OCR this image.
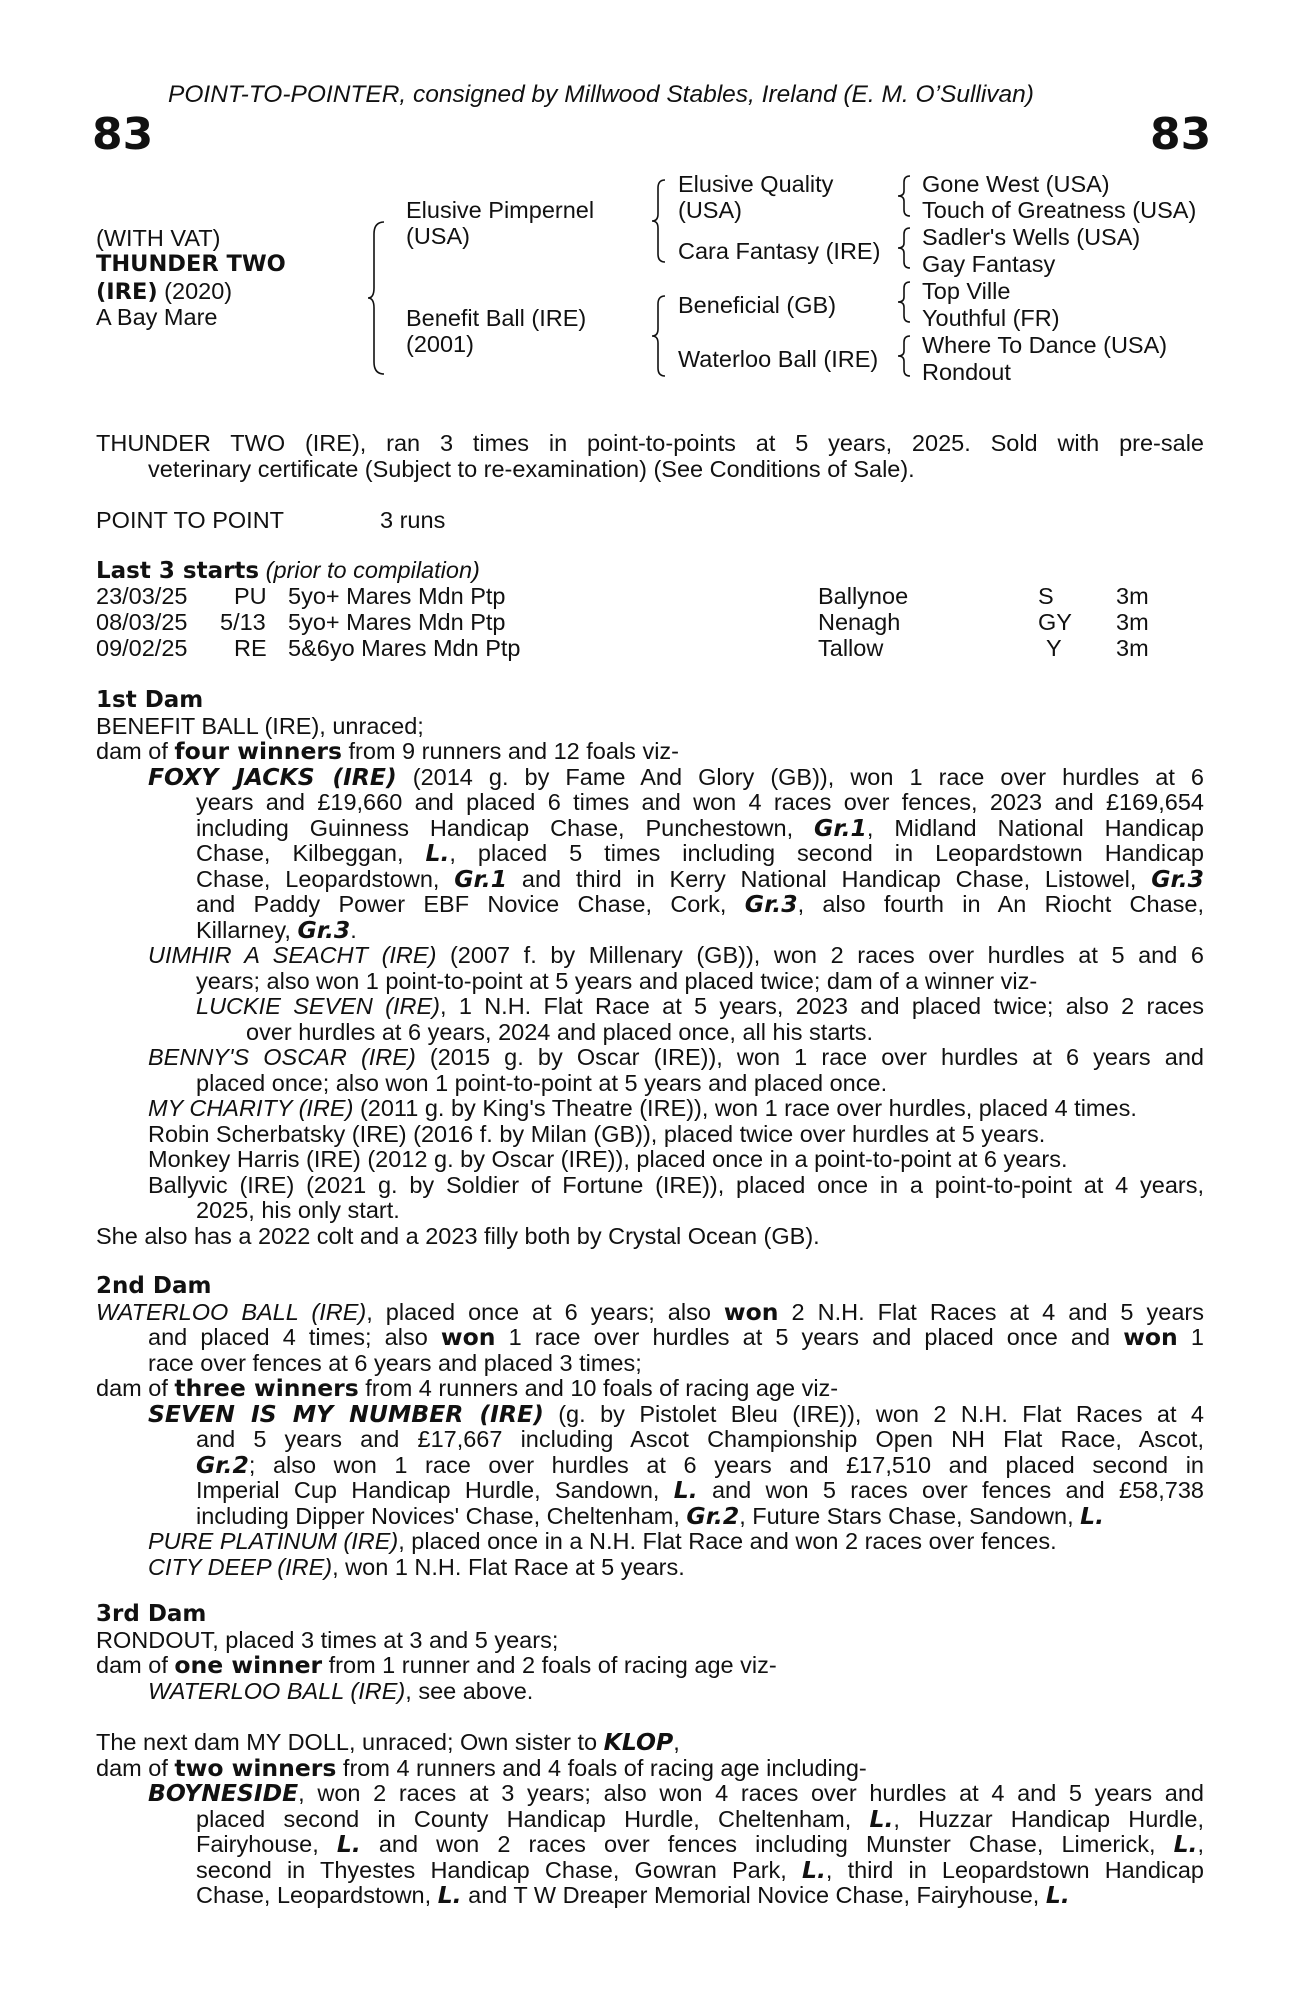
POINT-TO-POINTER, consigned by Millwood Stables, Ireland (E. M. O’Sullivan)
83	83
(WITH VAT)
THUNDER TWO
(IRE) (2020)
A Bay Mare
Elusive Pimpernel
(USA)
Benefit Ball (IRE)
(2001)
Elusive Quality
(USA)
Cara Fantasy (IRE)
Beneficial (GB)
Waterloo Ball (IRE)
Gone West (USA)
Touch of Greatness (USA)
Sadler's Wells (USA)
Gay Fantasy
Top Ville
Youthful (FR)
Where To Dance (USA)
Rondout
THUNDER TWO (IRE), ran 3 times in point-to-points at 5 years, 2025. Sold with pre-sale
veterinary certificate (Subject to re-examination) (See Conditions of Sale).
POINT TO POINT	3 runs
Last 3 starts (prior to compilation)
23/03/25 PU 5yo+ Mares Mdn Ptp	Ballynoe	S	3m
08/03/25 5/13 5yo+ Mares Mdn Ptp	Nenagh	GY 3m
09/02/25 RE 5&6yo Mares Mdn Ptp	Tallow	Y 3m
1st Dam
BENEFIT BALL (IRE), unraced;
dam of four winners from 9 runners and 12 foals viz-
FOXY JACKS (IRE) (2014 g. by Fame And Glory (GB)), won 1 race over hurdles at 6
years and £19,660 and placed 6 times and won 4 races over fences, 2023 and £169,654
including Guinness Handicap Chase, Punchestown, Gr.1, Midland National Handicap
Chase, Kilbeggan, L., placed 5 times including second in Leopardstown Handicap
Chase, Leopardstown, Gr.1 and third in Kerry National Handicap Chase, Listowel, Gr.3
and Paddy Power EBF Novice Chase, Cork, Gr.3, also fourth in An Riocht Chase,
Killarney, Gr.3.
UIMHIR A SEACHT (IRE) (2007 f. by Millenary (GB)), won 2 races over hurdles at 5 and 6
years; also won 1 point-to-point at 5 years and placed twice; dam of a winner viz-
LUCKIE SEVEN (IRE), 1 N.H. Flat Race at 5 years, 2023 and placed twice; also 2 races
over hurdles at 6 years, 2024 and placed once, all his starts.
BENNY'S OSCAR (IRE) (2015 g. by Oscar (IRE)), won 1 race over hurdles at 6 years and
placed once; also won 1 point-to-point at 5 years and placed once.
MY CHARITY (IRE) (2011 g. by King's Theatre (IRE)), won 1 race over hurdles, placed 4 times.
Robin Scherbatsky (IRE) (2016 f. by Milan (GB)), placed twice over hurdles at 5 years.
Monkey Harris (IRE) (2012 g. by Oscar (IRE)), placed once in a point-to-point at 6 years.
Ballyvic (IRE) (2021 g. by Soldier of Fortune (IRE)), placed once in a point-to-point at 4 years,
2025, his only start.
She also has a 2022 colt and a 2023 filly both by Crystal Ocean (GB).
2nd Dam
WATERLOO BALL (IRE), placed once at 6 years; also won 2 N.H. Flat Races at 4 and 5 years
and placed 4 times; also won 1 race over hurdles at 5 years and placed once and won 1
race over fences at 6 years and placed 3 times;
dam of three winners from 4 runners and 10 foals of racing age viz-
SEVEN IS MY NUMBER (IRE) (g. by Pistolet Bleu (IRE)), won 2 N.H. Flat Races at 4
and 5 years and £17,667 including Ascot Championship Open NH Flat Race, Ascot,
Gr.2; also won 1 race over hurdles at 6 years and £17,510 and placed second in
Imperial Cup Handicap Hurdle, Sandown, L. and won 5 races over fences and £58,738
including Dipper Novices' Chase, Cheltenham, Gr.2, Future Stars Chase, Sandown, L.
PURE PLATINUM (IRE), placed once in a N.H. Flat Race and won 2 races over fences.
CITY DEEP (IRE), won 1 N.H. Flat Race at 5 years.
3rd Dam
RONDOUT, placed 3 times at 3 and 5 years;
dam of one winner from 1 runner and 2 foals of racing age viz-
WATERLOO BALL (IRE), see above.
The next dam MY DOLL, unraced; Own sister to KLOP,
dam of two winners from 4 runners and 4 foals of racing age including-
BOYNESIDE, won 2 races at 3 years; also won 4 races over hurdles at 4 and 5 years and
placed second in County Handicap Hurdle, Cheltenham, L., Huzzar Handicap Hurdle,
Fairyhouse, L. and won 2 races over fences including Munster Chase, Limerick, L.,
second in Thyestes Handicap Chase, Gowran Park, L., third in Leopardstown Handicap
Chase, Leopardstown, L. and T W Dreaper Memorial Novice Chase, Fairyhouse, L.
